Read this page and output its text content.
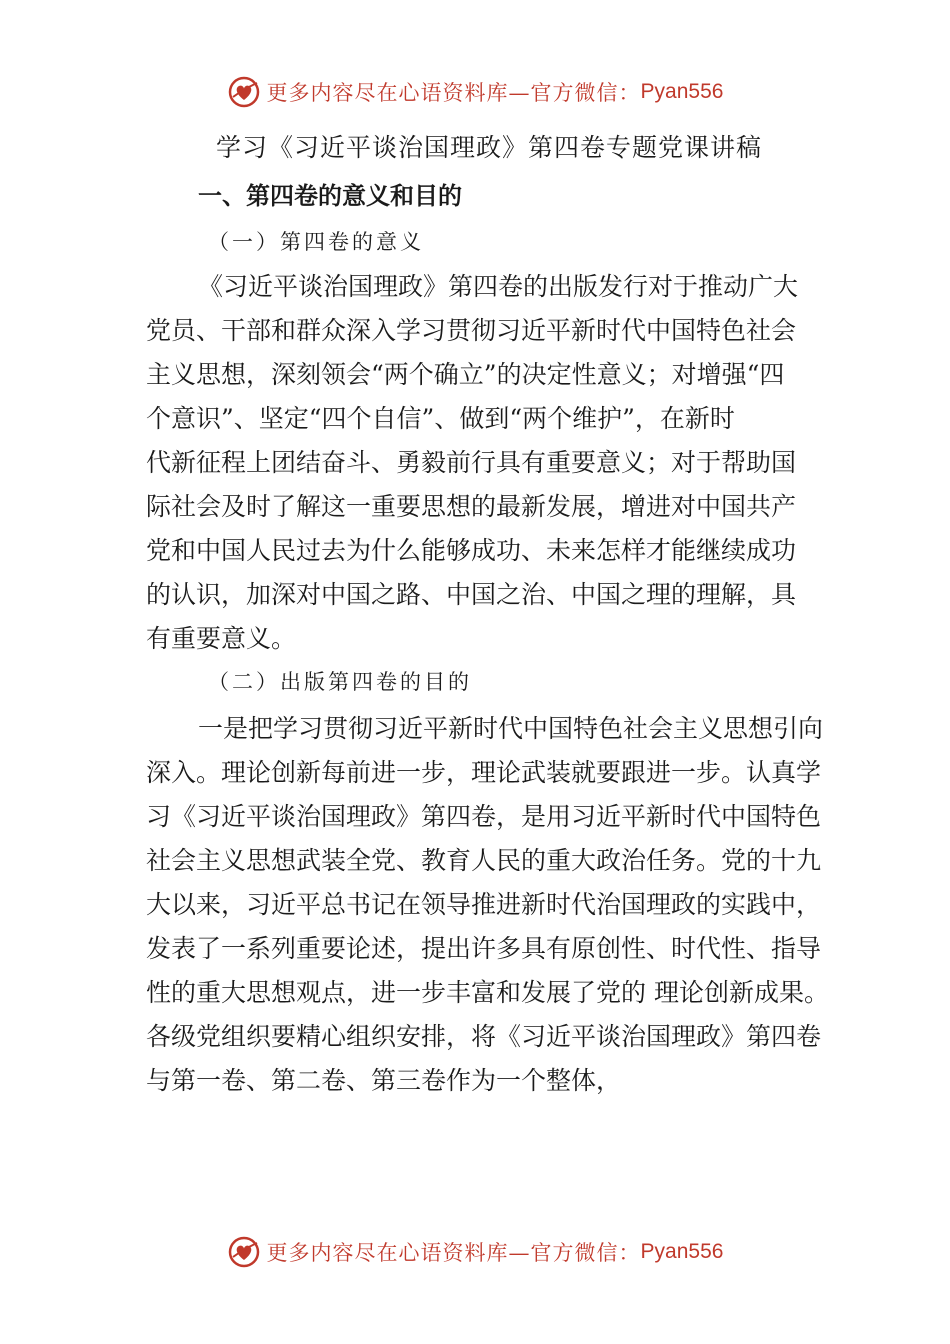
更多内容尽在心语资料库—官方微信： Pyan556
学习《习近平谈治国理政》第四卷专题党课讲稿
一、第四卷的意义和目的
（一）第四卷的意义
《习近平谈治国理政》第四卷的出版发行对于推动广大
党员、干部和群众深入学习贯彻习近平新时代中国特色社会
主义思想，深刻领会“两个确立”的决定性意义；对增强“四
个意识”、坚定“四个自信”、做到“两个维护”，在新时
代新征程上团结奋斗、勇毅前行具有重要意义；对于帮助国
际社会及时了解这一重要思想的最新发展，增进对中国共产
党和中国人民过去为什么能够成功、未来怎样才能继续成功
的认识，加深对中国之路、中国之治、中国之理的理解，具
有重要意义。
（二）出版第四卷的目的
一是把学习贯彻习近平新时代中国特色社会主义思想引向
深入。理论创新每前进一步，理论武装就要跟进一步。认真学
习《习近平谈治国理政》第四卷，是用习近平新时代中国特色
社会主义思想武装全党、教育人民的重大政治任务。党的十九
大以来，习近平总书记在领导推进新时代治国理政的实践中，
发表了一系列重要论述，提出许多具有原创性、时代性、指导
性的重大思想观点，进一步丰富和发展了党的 理论创新成果。
各级党组织要精心组织安排，将《习近平谈治国理政》第四卷
与第一卷、第二卷、第三卷作为一个整体，
更多内容尽在心语资料库—官方微信： Pyan556
